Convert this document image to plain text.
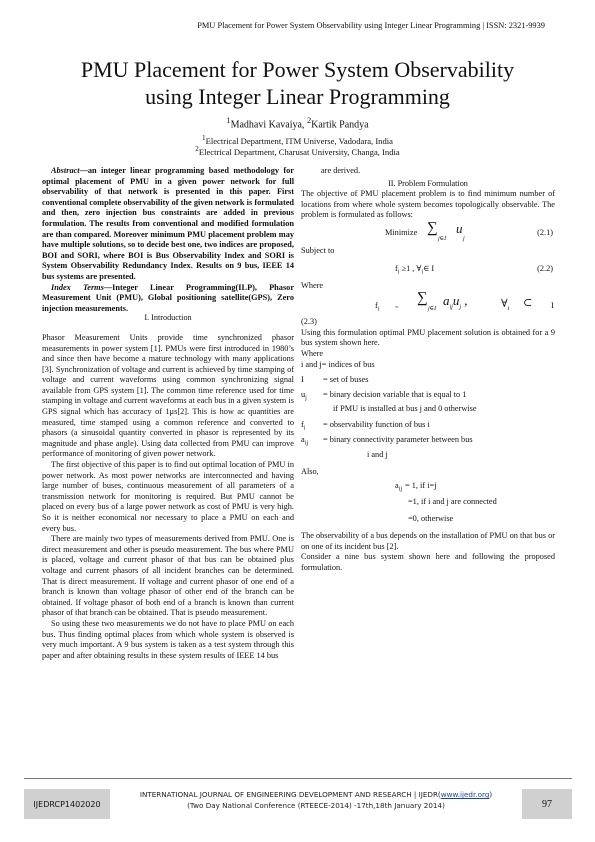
PMU Placement for Power System Observability using Integer Linear Programming | ISSN: 2321-9939
PMU Placement for Power System Observability
using Integer Linear Programming
$^1$Madhavi Kavaiya, $^2$Kartik Pandya
$^1$Electrical Department, ITM Universe, Vadodara, India
$^2$Electrical Department, Charusat University, Changa, India

Abstract—an integer linear programming based methodology for optimal placement of PMU in a given power network for full observability of that network is presented in this paper. First conventional complete observability of the given network is formulated and then, zero injection bus constraints are added in previous formulation. The results from conventional and modified formulation are than compared. Moreover minimum PMU placement problem may have multiple solutions, so to decide best one, two indices are proposed, BOI and SORI, where BOI is Bus Observability Index and SORI is System Observability Redundancy Index. Results on 9 bus, IEEE 14 bus systems are presented.

Index Terms—Integer Linear Programming(ILP), Phasor Measurement Unit (PMU), Global positioning satellite(GPS), Zero injection measurements.

I. Introduction

Phasor Measurement Units provide time synchronized phasor measurements in power system [1]. PMUs were first introduced in 1980’s and since then have become a mature technology with many applications [3]. Synchronization of voltage and current is achieved by time stamping of voltage and current waveforms using common synchronizing signal available from GPS system [1]. The common time reference used for time stamping in voltage and current waveforms at each bus in a given system is GPS signal which has accuracy of 1μs[2]. This is how ac quantities are measured, time stamped using a common reference and converted to phasors (a sinusoidal quantity converted in phasor is represented by its magnitude and phase angle). Using data collected from PMU can improve performance of monitoring of given power network.

The first objective of this paper is to find out optimal location of PMU in power network. As most power networks are interconnected and having large number of buses, continuous measurement of all parameters of a transmission network for monitoring is required. But PMU cannot be placed on every bus of a large power network as cost of PMU is very high. So it is neither economical nor necessary to place a PMU on each and every bus.

There are mainly two types of measurements derived from PMU. One is direct measurement and other is pseudo measurement. The bus where PMU is placed, voltage and current phasor of that bus can be obtained plus voltage and current phasors of all incident branches can be determined. That is direct measurement. If voltage and current phasor of one end of a branch is known than voltage phasor of other end of the branch can be obtained. If voltage phasor of both end of a branch is known than current phasor of that branch can be obtained. That is pseudo measurement.

So using these two measurements we do not have to place PMU on each bus. Thus finding optimal places from which whole system is observed is very much important. A 9 bus system is taken as a test system through this paper and after obtaining results in these system results of IEEE 14 bus

are derived.

II. Problem Formulation

The objective of PMU placement problem is to find minimum number of locations from where whole system becomes topologically observable. The problem is formulated as follows:

Minimize ∑
j∈I
u
j
(2.1)

Subject to

$f_i \ge 1$ , $\forall_i\in$ I	(2.2)

Where

$f_i$	=
∑
j∈I
$a_{ij}u_j$ ,	$\forall_i$
⊂ I

(2.3)

Using this formulation optimal PMU placement solution is obtained for a 9 bus system shown here.

Where

i and j = indices of bus
I	= set of buses
$u_j$	= binary decision variable that is equal to 1
if PMU is installed at bus j and 0 otherwise
$f_i$	= observability function of bus i
$a_{ij}$	= binary connectivity parameter between bus
i and j

Also,

$a_{ij} = 1$, if i=j
=1, if i and j are connected
=0, otherwise

The observability of a bus depends on the installation of PMU on that bus or on one of its incident bus [2].

Consider a nine bus system shown here and following the proposed formulation.

IJEDRCP1402020
INTERNATIONAL JOURNAL OF ENGINEERING DEVELOPMENT AND RESEARCH | IJEDR(www.ijedr.org)
(Two Day National Conference (RTEECE-2014) -17th,18th January 2014)	97
